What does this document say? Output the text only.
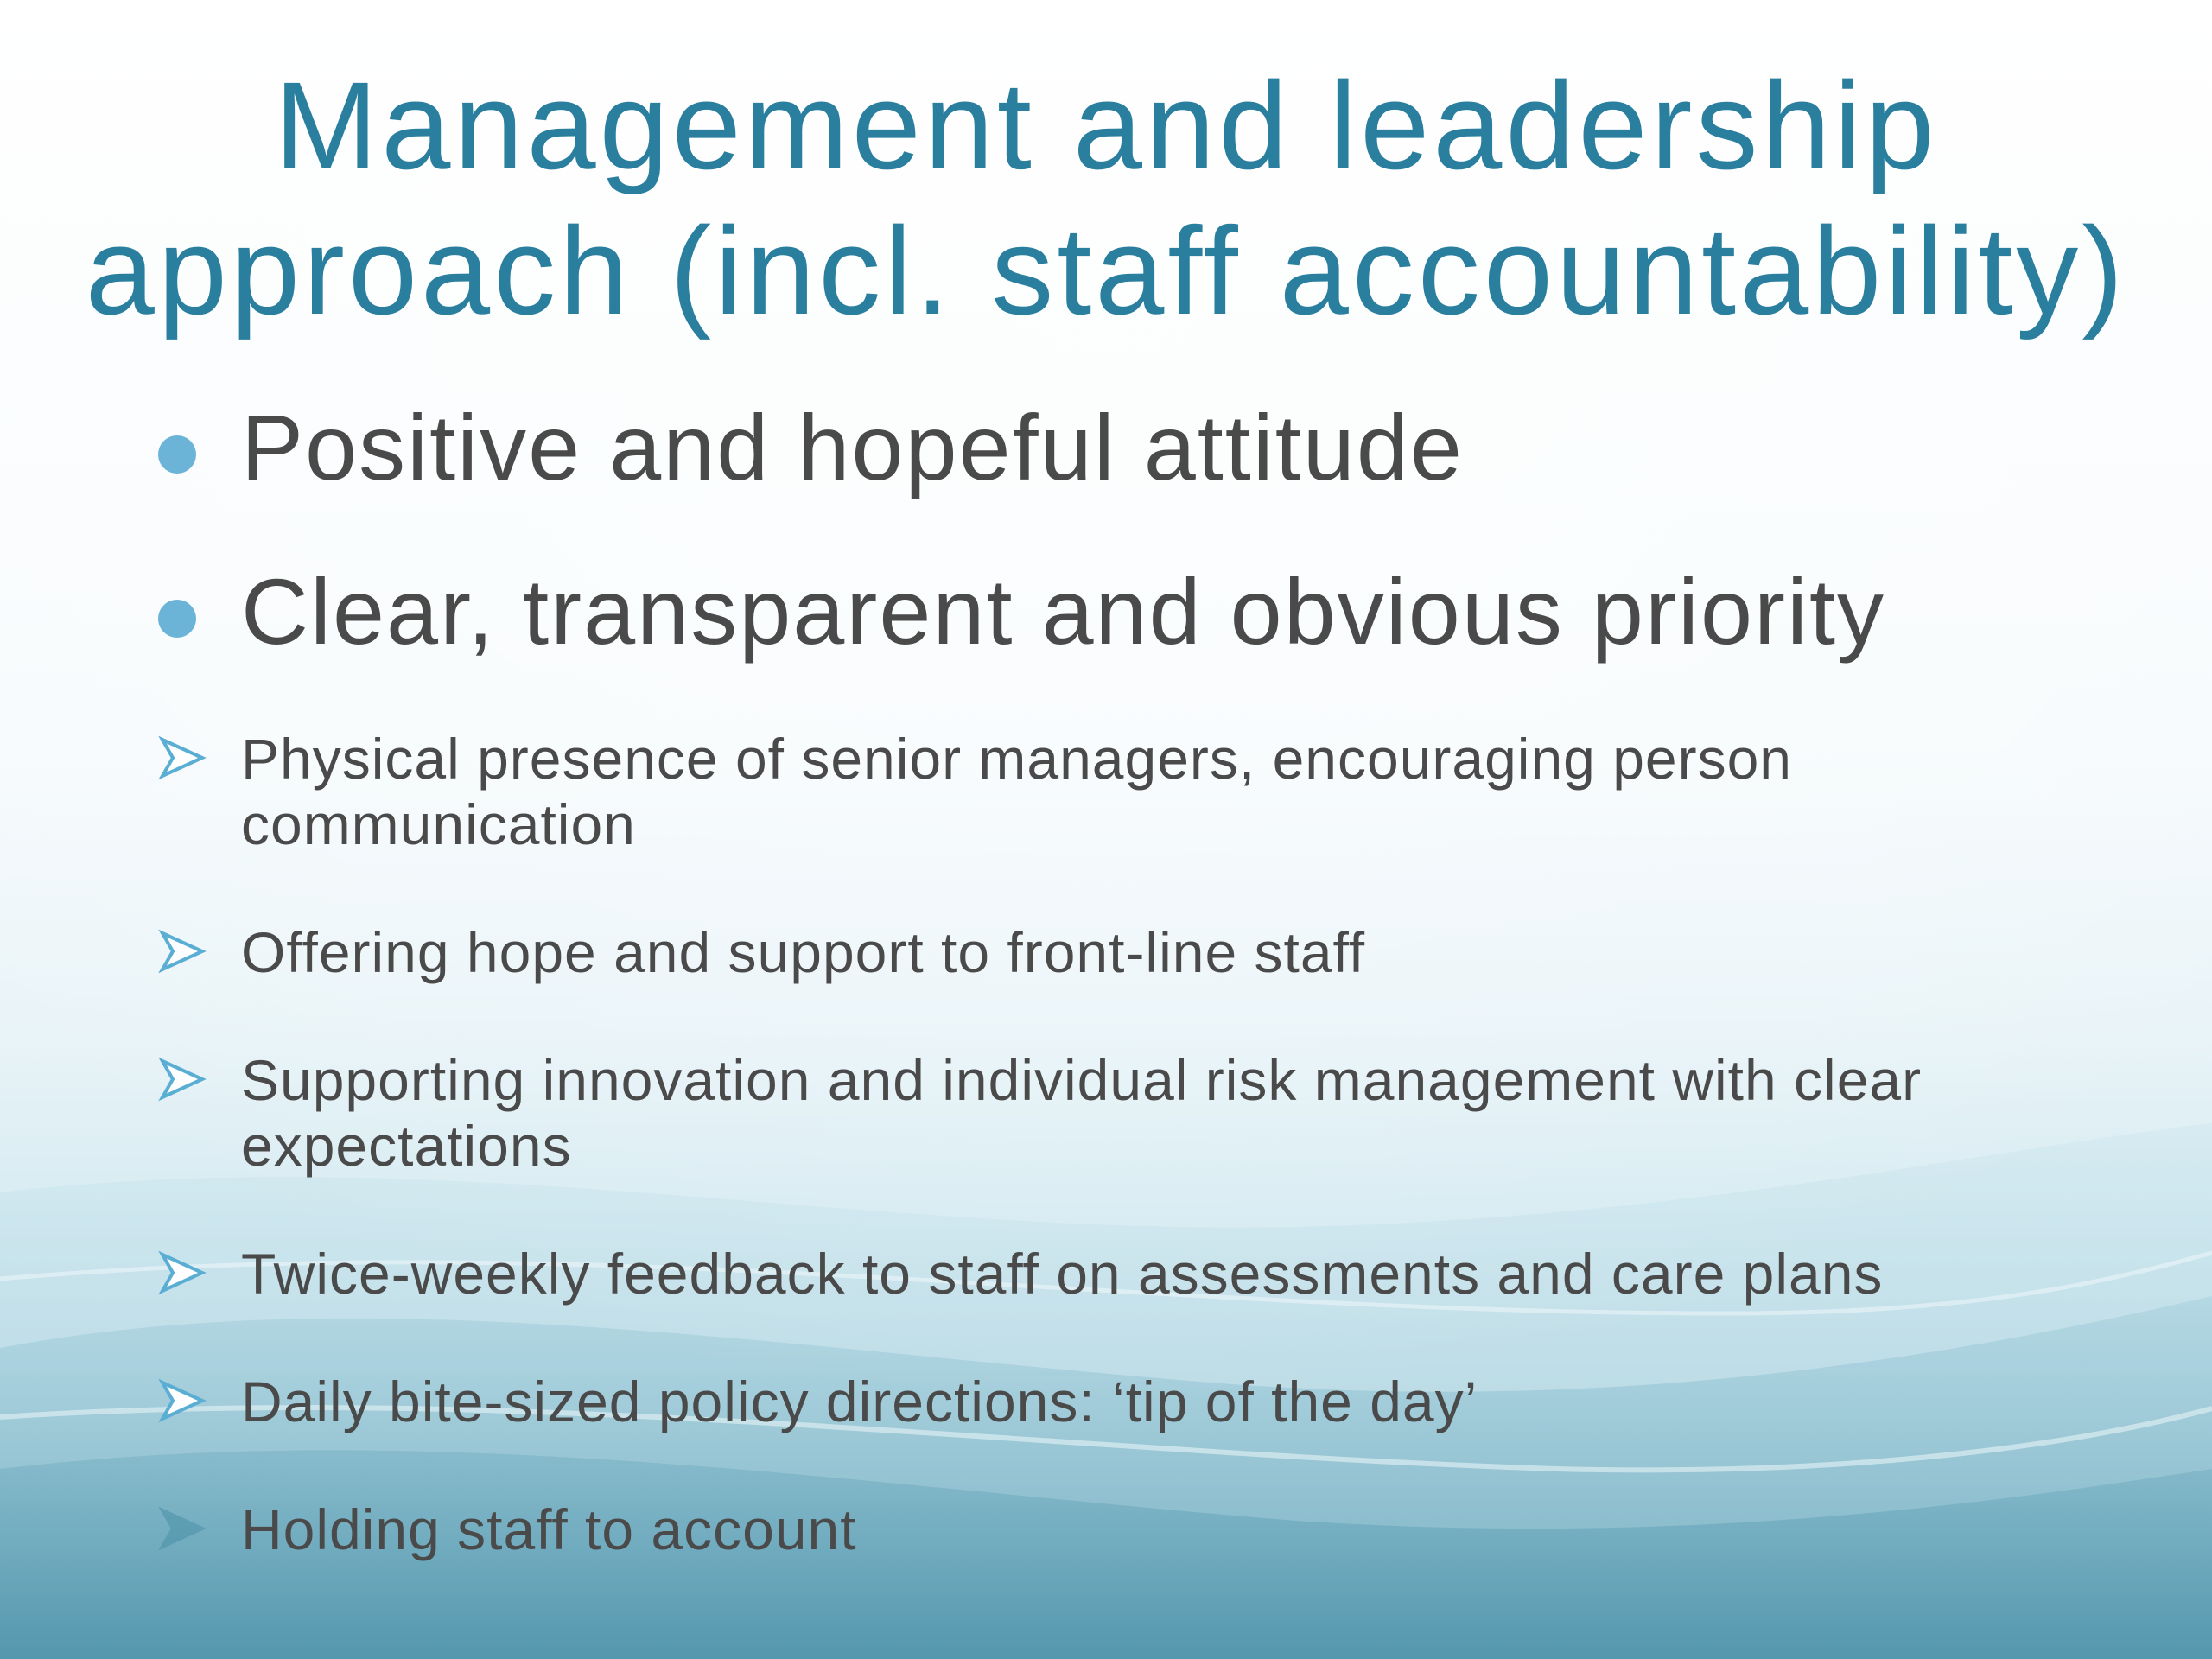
Management and leadership
approach (incl. staff accountability)
Positive and hopeful attitude
Clear, transparent and obvious priority
Physical presence of senior managers, encouraging person communication
Offering hope and support to front-line staff
Supporting innovation and individual risk management with clear expectations
Twice-weekly feedback to staff on assessments and care plans
Daily bite-sized policy directions: ‘tip of the day’
Holding staff to account
